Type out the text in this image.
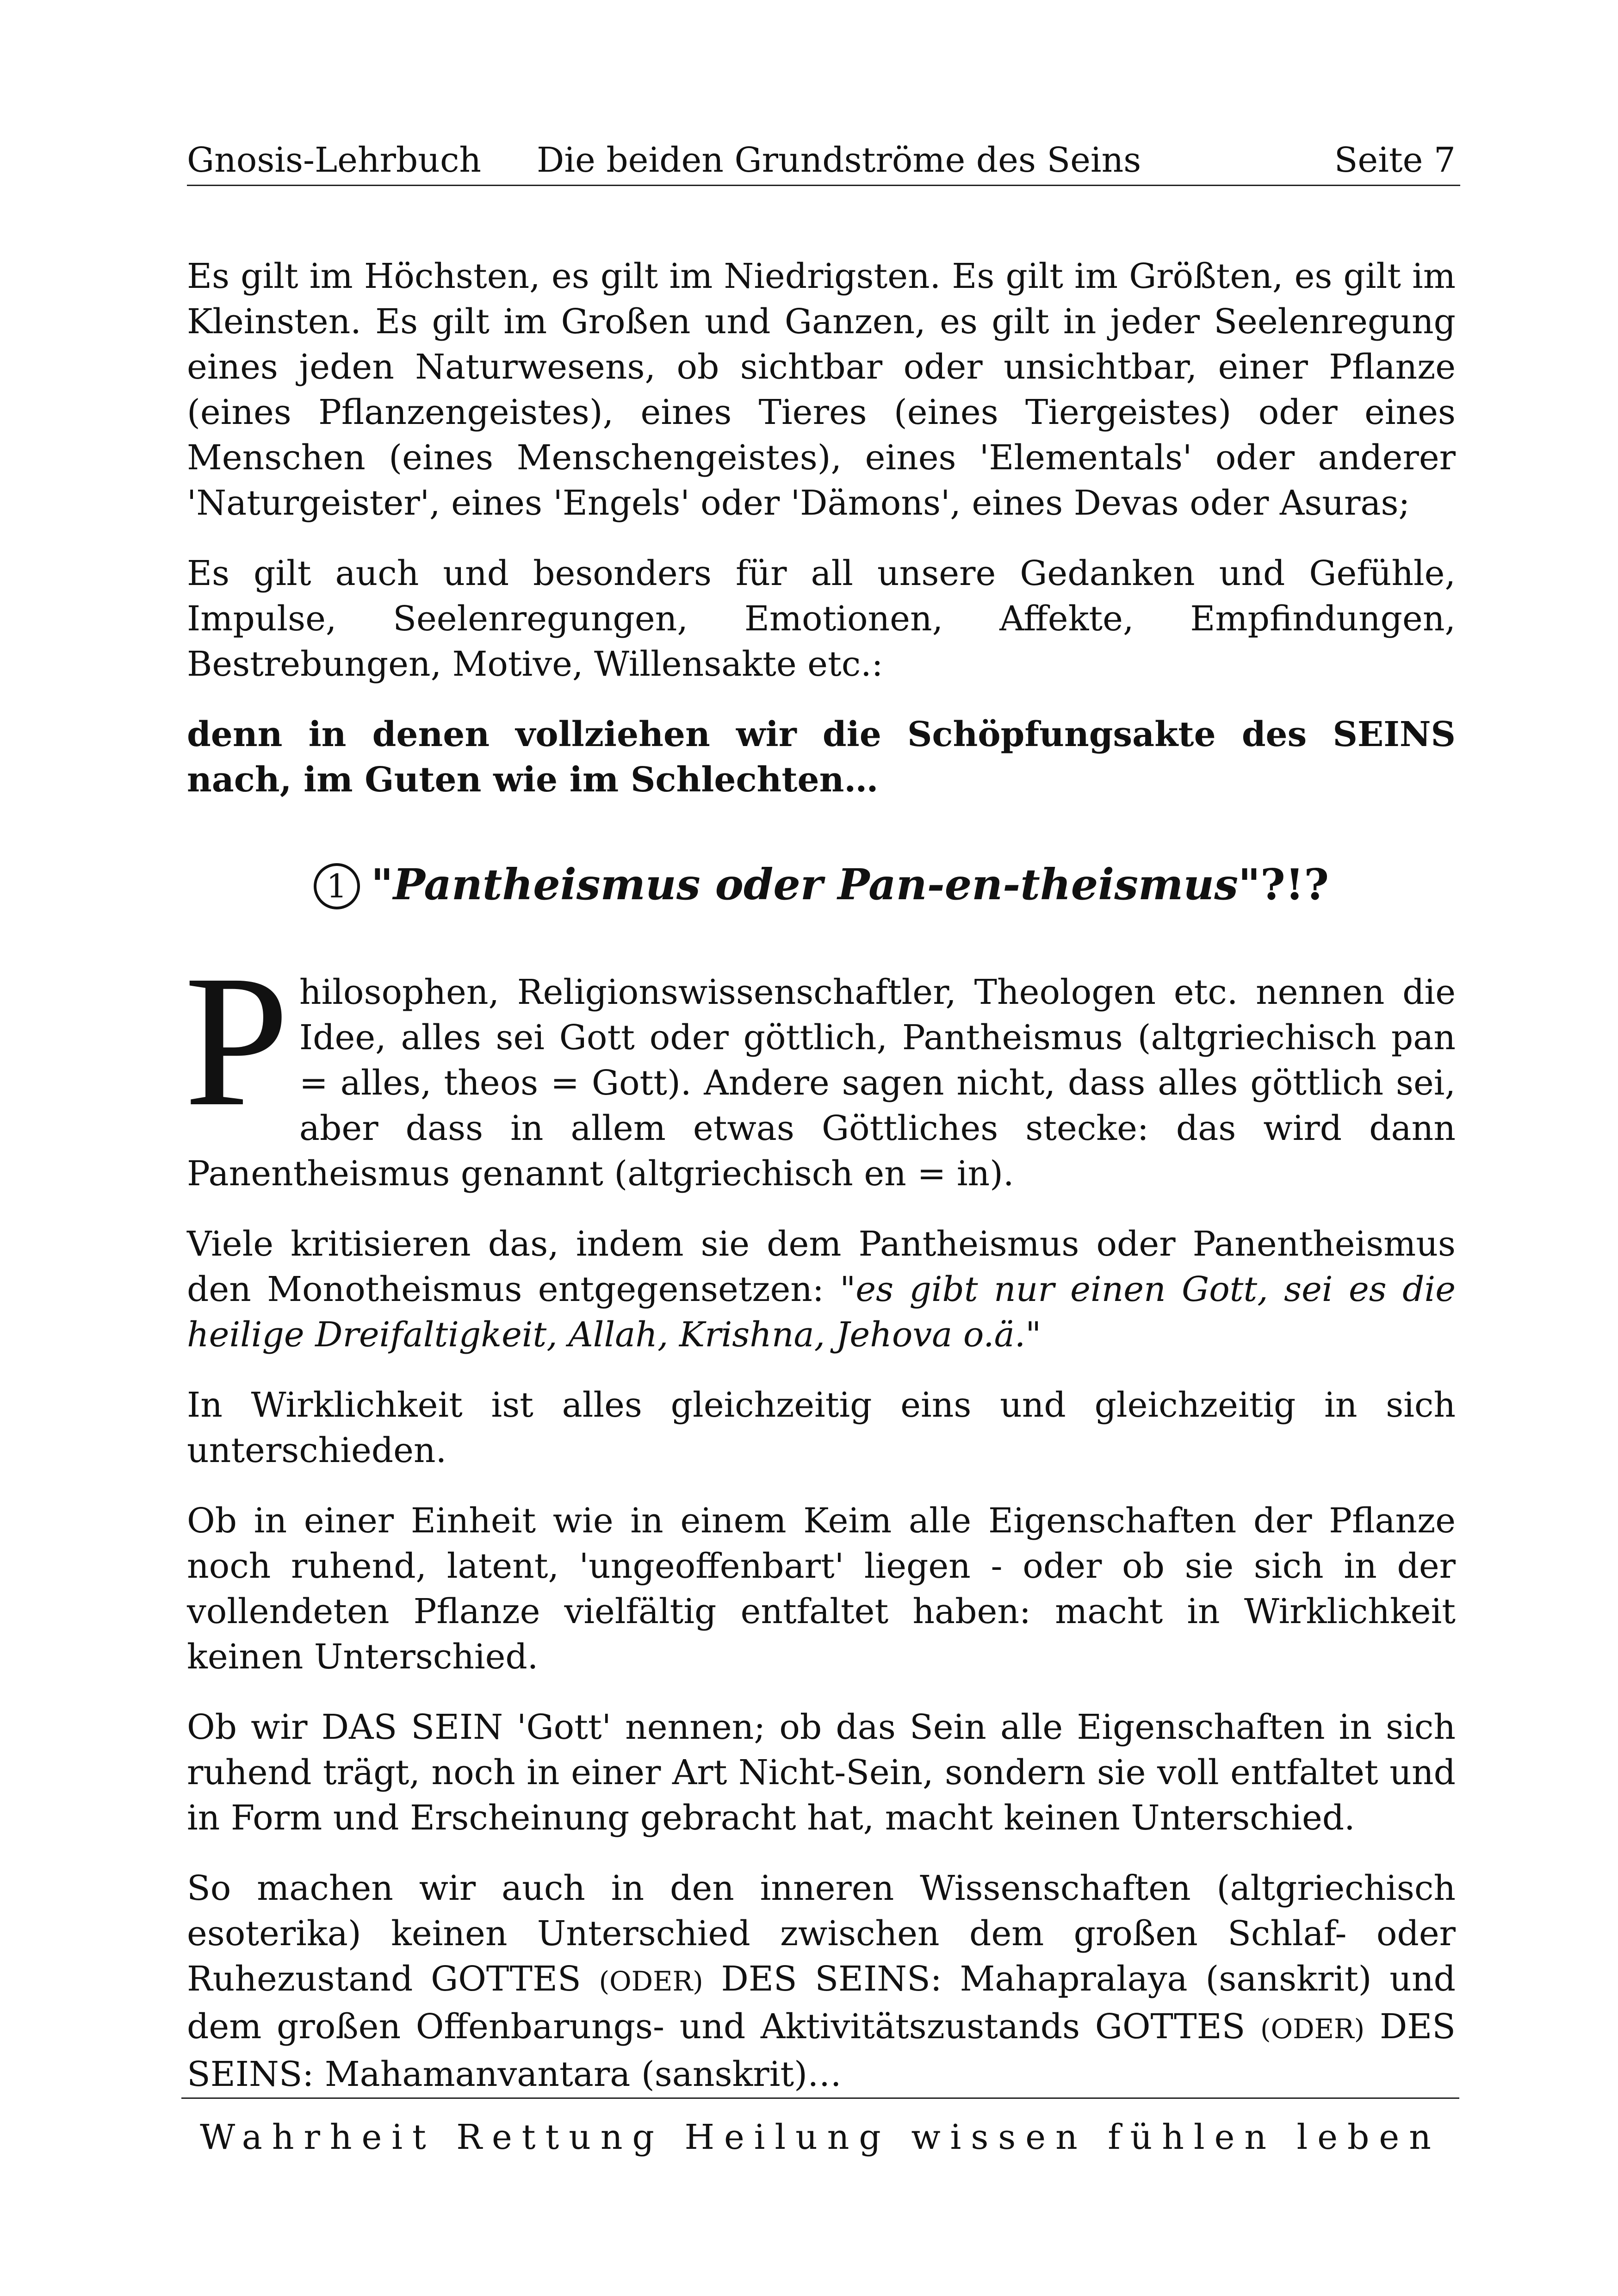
Gnosis-Lehrbuch Die beiden Grundströme des Seins	Seite 7

Es gilt im Höchsten, es gilt im Niedrigsten. Es gilt im Größten, es gilt im Kleinsten. Es gilt im Großen und Ganzen, es gilt in jeder Seelenregung eines jeden Naturwesens, ob sichtbar oder unsichtbar, einer Pflanze (eines Pflanzengeistes), eines Tieres (eines Tiergeistes) oder eines Menschen (eines Menschengeistes), eines 'Elementals' oder anderer 'Naturgeister', eines 'Engels' oder 'Dämons', eines Devas oder Asuras;

Es gilt auch und besonders für all unsere Gedanken und Gefühle, Impulse, Seelenregungen, Emotionen, Affekte, Empfindungen, Bestrebungen, Motive, Willensakte etc.:

denn in denen vollziehen wir die Schöpfungsakte des SEINS nach, im Guten wie im Schlechten…

1 "Pantheismus oder Pan-en-theismus"?!?
Philosophen, Religionswissenschaftler, Theologen etc. nennen die Idee, alles sei Gott oder göttlich, Pantheismus (altgriechisch pan = alles, theos = Gott). Andere sagen nicht, dass alles göttlich sei, aber dass in allem etwas Göttliches stecke: das wird dann Panentheismus genannt (altgriechisch en = in).

Viele kritisieren das, indem sie dem Pantheismus oder Panentheismus den Monotheismus entgegensetzen: "es gibt nur einen Gott, sei es die heilige Dreifaltigkeit, Allah, Krishna, Jehova o.ä."

In Wirklichkeit ist alles gleichzeitig eins und gleichzeitig in sich unterschieden.

Ob in einer Einheit wie in einem Keim alle Eigenschaften der Pflanze noch ruhend, latent, 'ungeoffenbart' liegen - oder ob sie sich in der vollendeten Pflanze vielfältig entfaltet haben: macht in Wirklichkeit keinen Unterschied.

Ob wir DAS SEIN 'Gott' nennen; ob das Sein alle Eigenschaften in sich ruhend trägt, noch in einer Art Nicht-Sein, sondern sie voll entfaltet und in Form und Erscheinung gebracht hat, macht keinen Unterschied.

So machen wir auch in den inneren Wissenschaften (altgriechisch esoterika) keinen Unterschied zwischen dem großen Schlaf- oder Ruhezustand GOTTES (ODER) DES SEINS: Mahapralaya (sanskrit) und dem großen Offenbarungs- und Aktivitätszustands GOTTES (ODER) DES SEINS: Mahamanvantara (sanskrit)…

Wahrheit Rettung Heilung wissen fühlen leben
